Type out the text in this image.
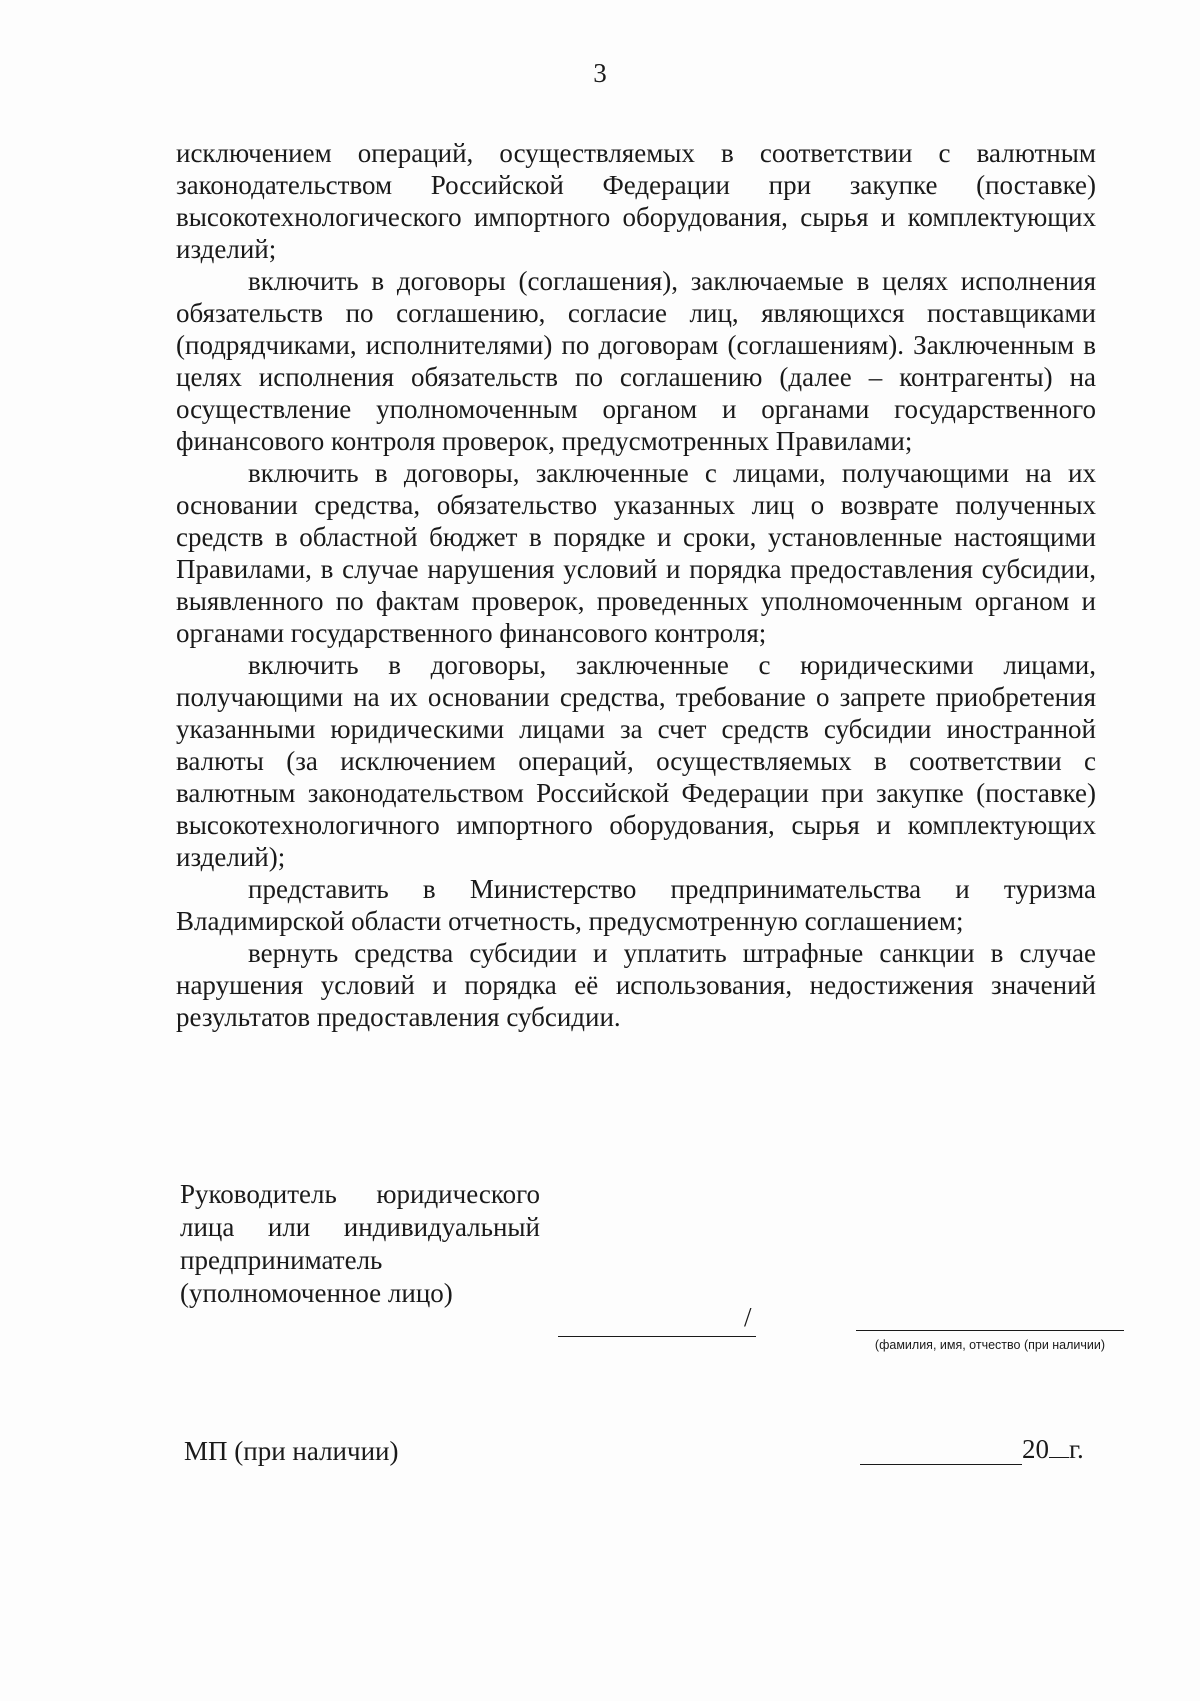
3

исключением операций, осуществляемых в соответствии с валютным законодательством Российской Федерации при закупке (поставке) высокотехнологического импортного оборудования, сырья и комплектующих изделий;

включить в договоры (соглашения), заключаемые в целях исполнения обязательств по соглашению, согласие лиц, являющихся поставщиками (подрядчиками, исполнителями) по договорам (соглашениям). Заключенным в целях исполнения обязательств по соглашению (далее – контрагенты) на осуществление уполномоченным органом и органами государственного финансового контроля проверок, предусмотренных Правилами;

включить в договоры, заключенные с лицами, получающими на их основании средства, обязательство указанных лиц о возврате полученных средств в областной бюджет в порядке и сроки, установленные настоящими Правилами, в случае нарушения условий и порядка предоставления субсидии, выявленного по фактам проверок, проведенных уполномоченным органом и органами государственного финансового контроля;

включить в договоры, заключенные с юридическими лицами, получающими на их основании средства, требование о запрете приобретения указанными юридическими лицами за счет средств субсидии иностранной валюты (за исключением операций, осуществляемых в соответствии с валютным законодательством Российской Федерации при закупке (поставке) высокотехнологичного импортного оборудования, сырья и комплектующих изделий);

представить в Министерство предпринимательства и туризма Владимирской области отчетность, предусмотренную соглашением;

вернуть средства субсидии и уплатить штрафные санкции в случае нарушения условий и порядка её использования, недостижения значений результатов предоставления субсидии.

Руководитель юридического лица или индивидуальный предприниматель (уполномоченное лицо)
/
(фамилия, имя, отчество (при наличии)
МП (при наличии)	20 г.
